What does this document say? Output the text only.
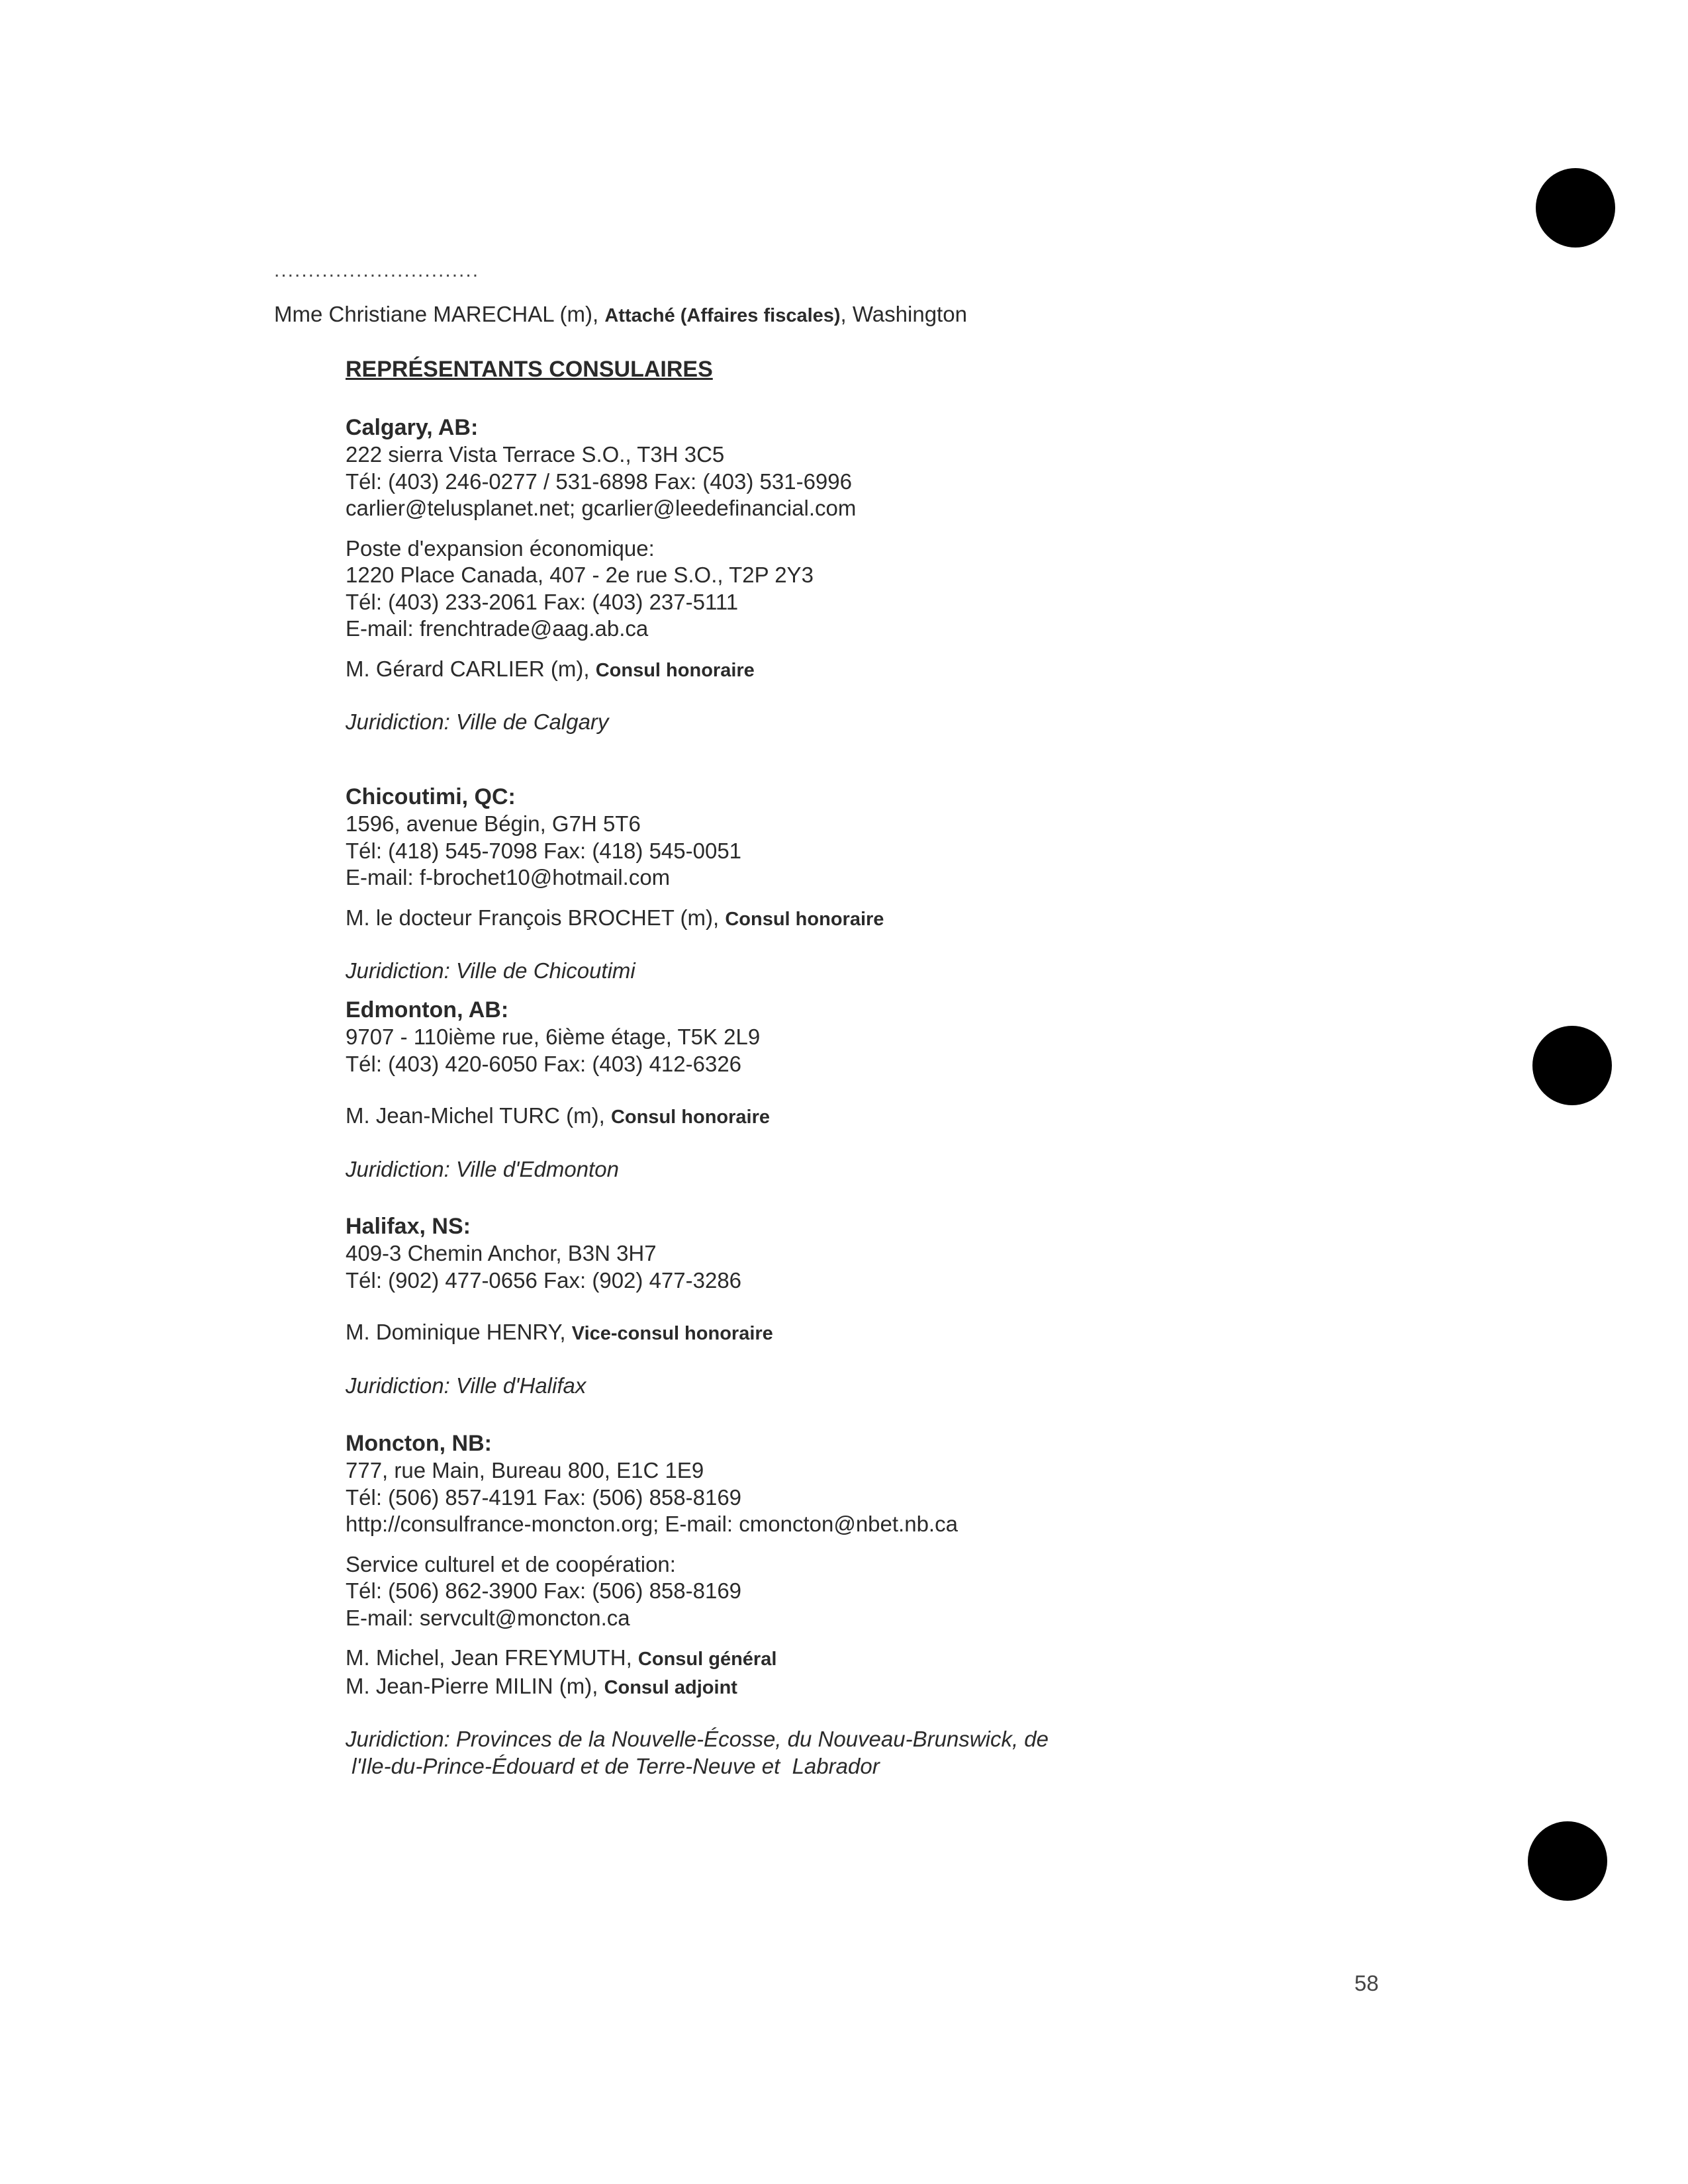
..............................
Mme Christiane MARECHAL (m), Attaché (Affaires fiscales), Washington
REPRÉSENTANTS CONSULAIRES

Calgary, AB:

222 sierra Vista Terrace S.O., T3H 3C5

Tél: (403) 246-0277 / 531-6898 Fax: (403) 531-6996

carlier@telusplanet.net; gcarlier@leedefinancial.com

Poste d'expansion économique:

1220 Place Canada, 407 - 2e rue S.O., T2P 2Y3

Tél: (403) 233-2061 Fax: (403) 237-5111

E-mail: frenchtrade@aag.ab.ca

M. Gérard CARLIER (m), Consul honoraire

Juridiction: Ville de Calgary

Chicoutimi, QC:

1596, avenue Bégin, G7H 5T6

Tél: (418) 545-7098 Fax: (418) 545-0051

E-mail: f-brochet10@hotmail.com

M. le docteur François BROCHET (m), Consul honoraire

Juridiction: Ville de Chicoutimi

Edmonton, AB:

9707 - 110ième rue, 6ième étage, T5K 2L9

Tél: (403) 420-6050 Fax: (403) 412-6326

M. Jean-Michel TURC (m), Consul honoraire

Juridiction: Ville d'Edmonton

Halifax, NS:

409-3 Chemin Anchor, B3N 3H7

Tél: (902) 477-0656 Fax: (902) 477-3286

M. Dominique HENRY, Vice-consul honoraire

Juridiction: Ville d'Halifax

Moncton, NB:

777, rue Main, Bureau 800, E1C 1E9

Tél: (506) 857-4191 Fax: (506) 858-8169

http://consulfrance-moncton.org; E-mail: cmoncton@nbet.nb.ca

Service culturel et de coopération:

Tél: (506) 862-3900 Fax: (506) 858-8169

E-mail: servcult@moncton.ca

M. Michel, Jean FREYMUTH, Consul général

M. Jean-Pierre MILIN (m), Consul adjoint

Juridiction: Provinces de la Nouvelle-Écosse, du Nouveau-Brunswick, de

l'Ile-du-Prince-Édouard et de Terre-Neuve et  Labrador

58
